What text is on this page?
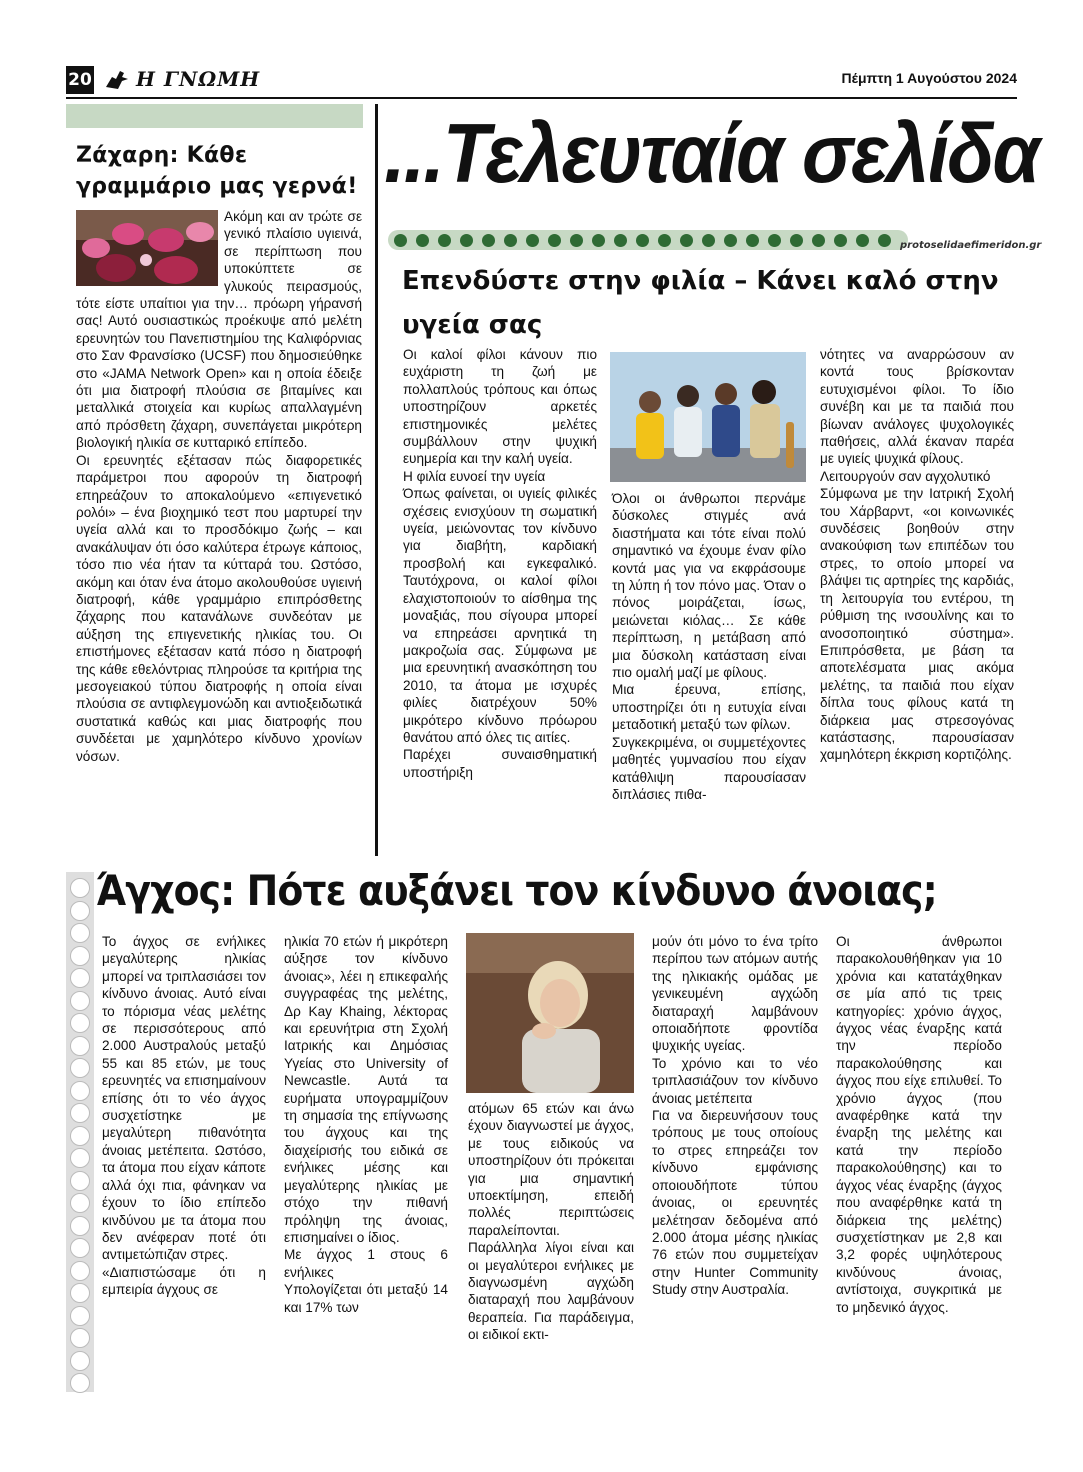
20 Η ΓΝΩΜΗ	Πέμπτη 1 Αυγούστου 2024
Ζάχαρη: Κάθε γραμμάριο μας γερνά!

Ακόμη και αν τρώτε σε γενικό πλαίσιο υγιεινά, σε περίπτωση που υποκύπτετε σε γλυκούς πειρασμούς, τότε είστε υπαίτιοι για την… πρόωρη γήρανσή σας! Αυτό ουσιαστικώς προέκυψε από μελέτη ερευνητών του Πανεπιστημίου της Καλιφόρνιας στο Σαν Φρανσίσκο (UCSF) που δημοσιεύθηκε στο «JAMA Network Open» και η οποία έδειξε ότι μια διατροφή πλούσια σε βιταμίνες και μεταλλικά στοιχεία και κυρίως απαλλαγμένη από πρόσθετη ζάχαρη, συνεπάγεται μικρότερη βιολογική ηλικία σε κυτταρικό επίπεδο.

Οι ερευνητές εξέτασαν πώς διαφορετικές παράμετροι που αφορούν τη διατροφή επηρεάζουν το αποκαλούμενο «επιγενετικό ρολόι» – ένα βιοχημικό τεστ που μαρτυρεί την υγεία αλλά και το προσδόκιμο ζωής – και ανακάλυψαν ότι όσο καλύτερα έτρωγε κάποιος, τόσο πιο νέα ήταν τα κύτταρά του. Ωστόσο, ακόμη και όταν ένα άτομο ακολουθούσε υγιεινή διατροφή, κάθε γραμμάριο επιπρόσθετης ζάχαρης που κατανάλωνε συνδεόταν με αύξηση της επιγενετικής ηλικίας του. Οι επιστήμονες εξέτασαν κατά πόσο η διατροφή της κάθε εθελόντριας πληρούσε τα κριτήρια της μεσογειακού τύπου διατροφής η οποία είναι πλούσια σε αντιφλεγμονώδη και αντιοξειδωτικά συστατικά καθώς και μιας διατροφής που συνδέεται με χαμηλότερο κίνδυνο χρονίων νόσων.

...Τελευταία σελίδα
protoselidaefimeridon.gr
Επενδύστε στην φιλία – Κάνει καλό στην υγεία σας

Οι καλοί φίλοι κάνουν πιο ευχάριστη τη ζωή με πολλαπλούς τρόπους και όπως υποστηρίζουν αρκετές επιστημονικές μελέτες συμβάλλουν στην ψυχική ευημερία και την καλή υγεία.

Η φιλία ευνοεί την υγεία

Όπως φαίνεται, οι υγιείς φιλικές σχέσεις ενισχύουν τη σωματική υγεία, μειώνοντας τον κίνδυνο για διαβήτη, καρδιακή προσβολή και εγκεφαλικό. Ταυτόχρονα, οι καλοί φίλοι ελαχιστοποιούν το αίσθημα της μοναξιάς, που σίγουρα μπορεί να επηρεάσει αρνητικά τη μακροζωία σας. Σύμφωνα με μια ερευνητική ανασκόπηση του 2010, τα άτομα με ισχυρές φιλίες διατρέχουν 50% μικρότερο κίνδυνο πρόωρου θανάτου από όλες τις αιτίες.

Παρέχει συναισθηματική υποστήριξη

Όλοι οι άνθρωποι περνάμε δύσκολες στιγμές ανά διαστήματα και τότε είναι πολύ σημαντικό να έχουμε έναν φίλο κοντά μας για να εκφράσουμε τη λύπη ή τον πόνο μας. Όταν ο πόνος μοιράζεται, ίσως, μειώνεται κιόλας… Σε κάθε περίπτωση, η μετάβαση από μια δύσκολη κατάσταση είναι πιο ομαλή μαζί με φίλους.

Μια έρευνα, επίσης, υποστηρίζει ότι η ευτυχία είναι μεταδοτική μεταξύ των φίλων.

Συγκεκριμένα, οι συμμετέχοντες μαθητές γυμνασίου που είχαν κατάθλιψη παρουσίασαν διπλάσιες πιθα-

νότητες να αναρρώσουν αν κοντά τους βρίσκονταν ευτυχισμένοι φίλοι. Το ίδιο συνέβη και με τα παιδιά που βίωναν ανάλογες ψυχολογικές παθήσεις, αλλά έκαναν παρέα με υγιείς ψυχικά φίλους.

Λειτουργούν σαν αγχολυτικό

Σύμφωνα με την Ιατρική Σχολή του Χάρβαρντ, «οι κοινωνικές συνδέσεις βοηθούν στην ανακούφιση των επιπέδων του στρες, το οποίο μπορεί να βλάψει τις αρτηρίες της καρδιάς, τη λειτουργία του εντέρου, τη ρύθμιση της ινσουλίνης και το ανοσοποιητικό σύστημα». Επιπρόσθετα, με βάση τα αποτελέσματα μιας ακόμα μελέτης, τα παιδιά που είχαν δίπλα τους φίλους κατά τη διάρκεια μας στρεσογόνας κατάστασης, παρουσίασαν χαμηλότερη έκκριση κορτιζόλης.

Άγχος: Πότε αυξάνει τον κίνδυνο άνοιας;

Το άγχος σε ενήλικες μεγαλύτερης ηλικίας μπορεί να τριπλασιάσει τον κίνδυνο άνοιας. Αυτό είναι το πόρισμα νέας μελέτης σε περισσότερους από 2.000 Αυστραλούς μεταξύ 55 και 85 ετών, με τους ερευνητές να επισημαίνουν επίσης ότι το νέο άγχος συσχετίστηκε με μεγαλύτερη πιθανότητα άνοιας μετέπειτα. Ωστόσο, τα άτομα που είχαν κάποτε αλλά όχι πια, φάνηκαν να έχουν το ίδιο επίπεδο κινδύνου με τα άτομα που δεν ανέφεραν ποτέ ότι αντιμετώπιζαν στρες.

«Διαπιστώσαμε ότι η εμπειρία άγχους σε

ηλικία 70 ετών ή μικρότερη αύξησε τον κίνδυνο άνοιας», λέει η επικεφαλής συγγραφέας της μελέτης, Δρ Kay Khaing, λέκτορας και ερευνήτρια στη Σχολή Ιατρικής και Δημόσιας Υγείας στο University of Newcastle. Αυτά τα ευρήματα υπογραμμίζουν τη σημασία της επίγνωσης του άγχους και της διαχείρισής του ειδικά σε ενήλικες μέσης και μεγαλύτερης ηλικίας με στόχο την πιθανή πρόληψη της άνοιας, επισημαίνει ο ίδιος.

Με άγχος 1 στους 6 ενήλικες

Υπολογίζεται ότι μεταξύ 14 και 17% των

ατόμων 65 ετών και άνω έχουν διαγνωστεί με άγχος, με τους ειδικούς να υποστηρίζουν ότι πρόκειται για μια σημαντική υποεκτίμηση, επειδή πολλές περιπτώσεις παραλείπονται.

Παράλληλα λίγοι είναι και οι μεγαλύτεροι ενήλικες με διαγνωσμένη αγχώδη διαταραχή που λαμβάνουν θεραπεία. Για παράδειγμα, οι ειδικοί εκτι-

μούν ότι μόνο το ένα τρίτο περίπου των ατόμων αυτής της ηλικιακής ομάδας με γενικευμένη αγχώδη διαταραχή λαμβάνουν οποιαδήποτε φροντίδα ψυχικής υγείας.

Το χρόνιο και το νέο τριπλασιάζουν τον κίνδυνο άνοιας μετέπειτα

Για να διερευνήσουν τους τρόπους με τους οποίους το στρες επηρεάζει τον κίνδυνο εμφάνισης οποιουδήποτε τύπου άνοιας, οι ερευνητές μελέτησαν δεδομένα από 2.000 άτομα μέσης ηλικίας 76 ετών που συμμετείχαν στην Hunter Community Study στην Αυστραλία.

Οι άνθρωποι παρακολουθήθηκαν για 10 χρόνια και κατατάχθηκαν σε μία από τις τρεις κατηγορίες: χρόνιο άγχος, άγχος νέας έναρξης κατά την περίοδο παρακολούθησης και άγχος που είχε επιλυθεί. Το χρόνιο άγχος (που αναφέρθηκε κατά την έναρξη της μελέτης και κατά την περίοδο παρακολούθησης) και το άγχος νέας έναρξης (άγχος που αναφέρθηκε κατά τη διάρκεια της μελέτης) συσχετίστηκαν με 2,8 και 3,2 φορές υψηλότερους κινδύνους άνοιας, αντίστοιχα, συγκριτικά με το μηδενικό άγχος.
